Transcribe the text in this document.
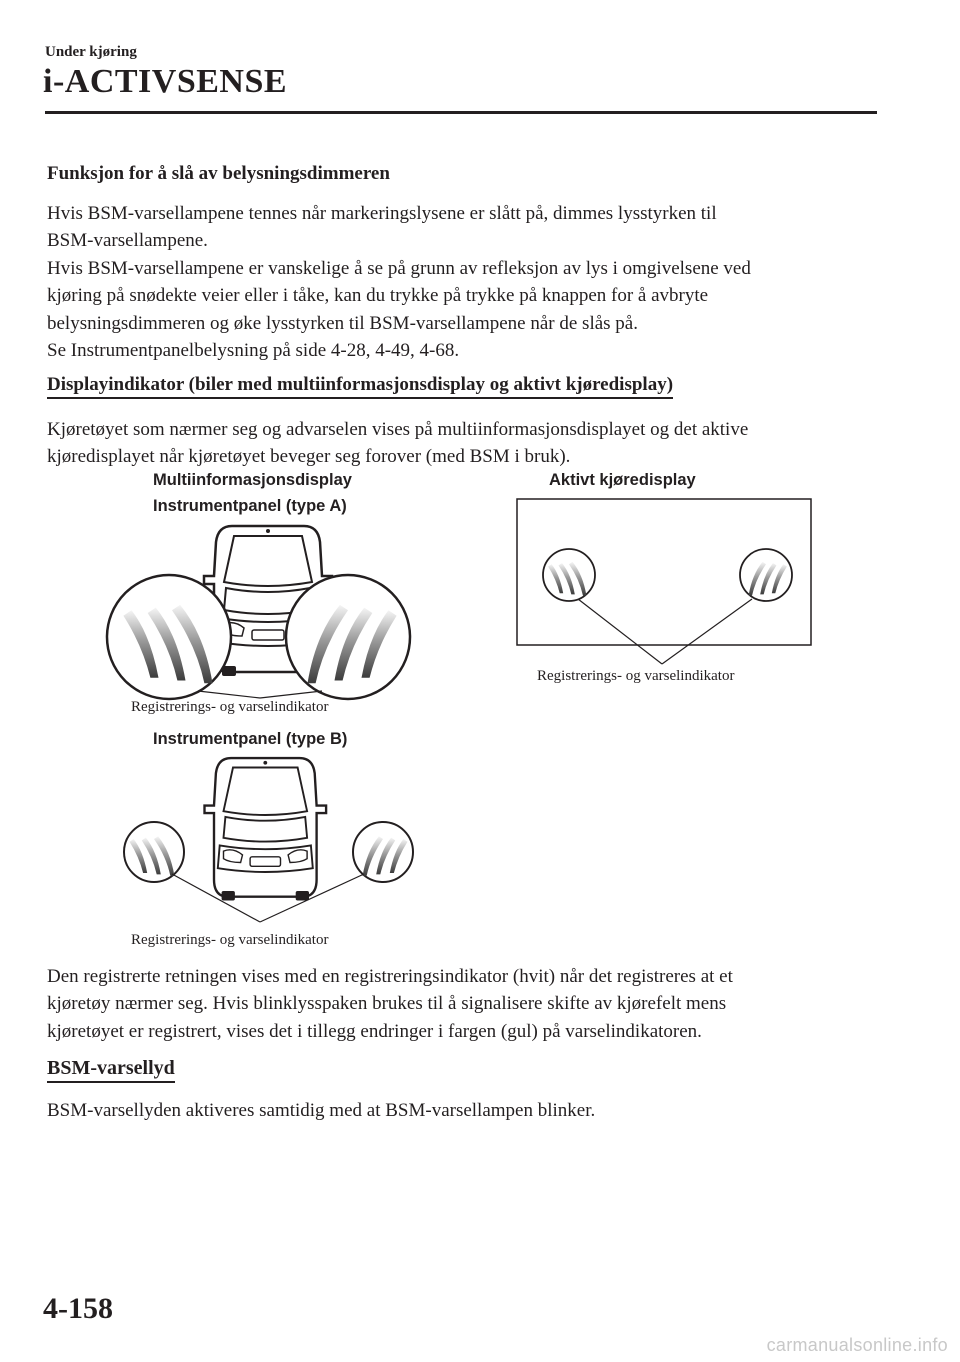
Under kjøring
i-ACTIVSENSE
Funksjon for å slå av belysningsdimmeren
Hvis BSM-varsellampene tennes når markeringslysene er slått på, dimmes lysstyrken til
BSM-varsellampene.
Hvis BSM-varsellampene er vanskelige å se på grunn av refleksjon av lys i omgivelsene ved
kjøring på snødekte veier eller i tåke, kan du trykke på trykke på knappen for å avbryte
belysningsdimmeren og øke lysstyrken til BSM-varsellampene når de slås på.
Se Instrumentpanelbelysning på side 4-28, 4-49, 4-68.
Displayindikator (biler med multiinformasjonsdisplay og aktivt kjøredisplay)
Kjøretøyet som nærmer seg og advarselen vises på multiinformasjonsdisplayet og det aktive
kjøredisplayet når kjøretøyet beveger seg forover (med BSM i bruk).
Multiinformasjonsdisplay
Instrumentpanel (type A)
Aktivt kjøredisplay
Registrerings- og varselindikator
Instrumentpanel (type B)
Registrerings- og varselindikator
Registrerings- og varselindikator
Den registrerte retningen vises med en registreringsindikator (hvit) når det registreres at et
kjøretøy nærmer seg. Hvis blinklysspaken brukes til å signalisere skifte av kjørefelt mens
kjøretøyet er registrert, vises det i tillegg endringer i fargen (gul) på varselindikatoren.
BSM-varsellyd
BSM-varsellyden aktiveres samtidig med at BSM-varsellampen blinker.
4-158
carmanualsonline.info
